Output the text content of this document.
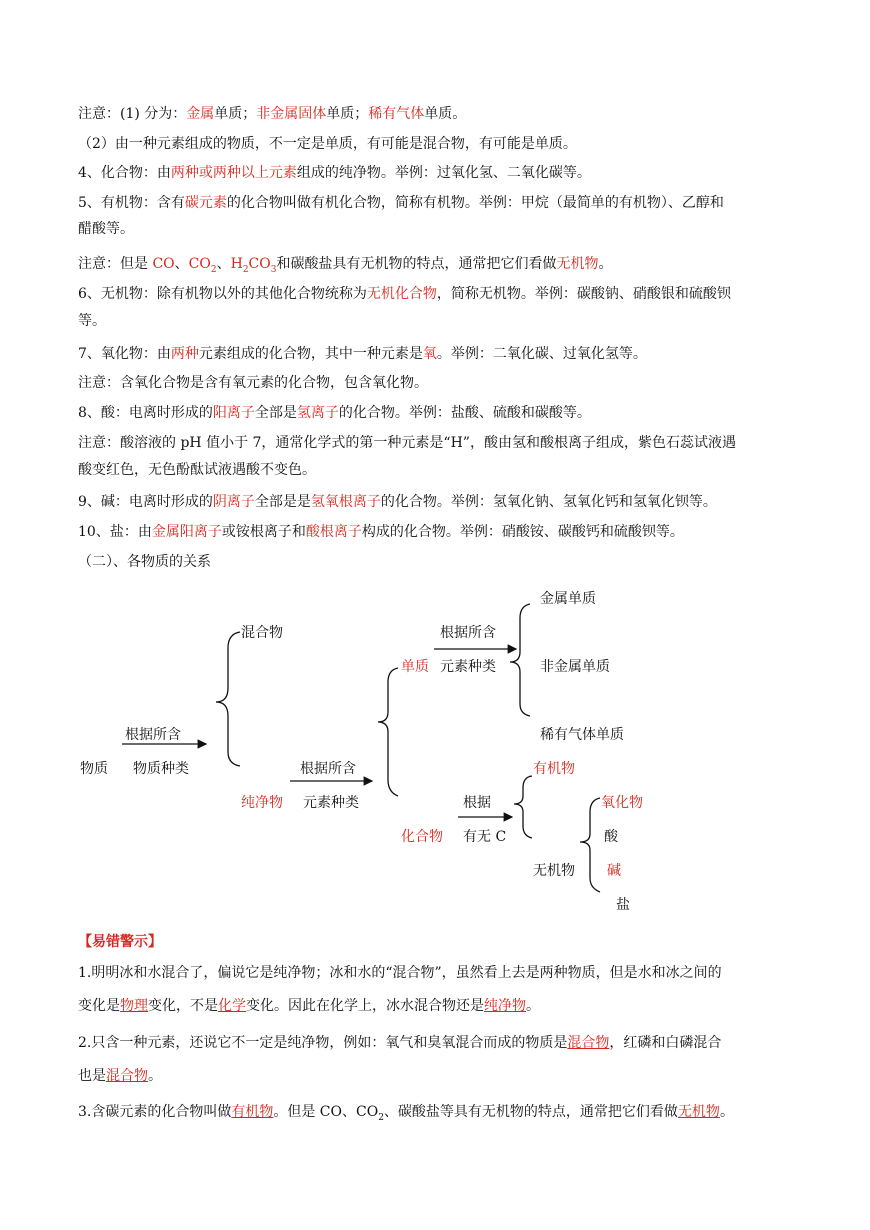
注意：(1) 分为：金属单质；非金属固体单质；稀有气体单质。
（2）由一种元素组成的物质，不一定是单质，有可能是混合物，有可能是单质。
4、化合物：由两种或两种以上元素组成的纯净物。举例：过氧化氢、二氧化碳等。
5、有机物：含有碳元素的化合物叫做有机化合物，简称有机物。举例：甲烷（最简单的有机物）、乙醇和
醋酸等。
注意：但是 CO、$CO_2$、$H_2CO_3$和碳酸盐具有无机物的特点，通常把它们看做无机物。
6、无机物：除有机物以外的其他化合物统称为无机化合物，简称无机物。举例：碳酸钠、硝酸银和硫酸钡
等。
7、氧化物：由两种元素组成的化合物，其中一种元素是氧。举例：二氧化碳、过氧化氢等。
注意：含氧化合物是含有氧元素的化合物，包含氧化物。
8、酸：电离时形成的阳离子全部是氢离子的化合物。举例：盐酸、硫酸和碳酸等。
注意：酸溶液的 pH 值小于 7，通常化学式的第一种元素是“H”，酸由氢和酸根离子组成，紫色石蕊试液遇
酸变红色，无色酚酞试液遇酸不变色。
9、碱：电离时形成的阴离子全部是是氢氧根离子的化合物。举例：氢氧化钠、氢氧化钙和氢氧化钡等。
10、盐：由金属阳离子或铵根离子和酸根离子构成的化合物。举例：硝酸铵、碳酸钙和硫酸钡等。
（二）、各物质的关系
物质
根据所含
物质种类
混合物
纯净物
根据所含
元素种类
单质
化合物
根据所含
元素种类
金属单质
非金属单质
稀有气体单质
根据
有无 C
有机物
无机物
氧化物
酸
碱
盐
【易错警示】
1.明明冰和水混合了，偏说它是纯净物；冰和水的“混合物”，虽然看上去是两种物质，但是水和冰之间的
变化是物理变化，不是化学变化。因此在化学上，冰水混合物还是纯净物。
2.只含一种元素，还说它不一定是纯净物，例如：氧气和臭氧混合而成的物质是混合物，红磷和白磷混合
也是混合物。
3.含碳元素的化合物叫做有机物。但是 CO、$CO_2$、碳酸盐等具有无机物的特点，通常把它们看做无机物。
